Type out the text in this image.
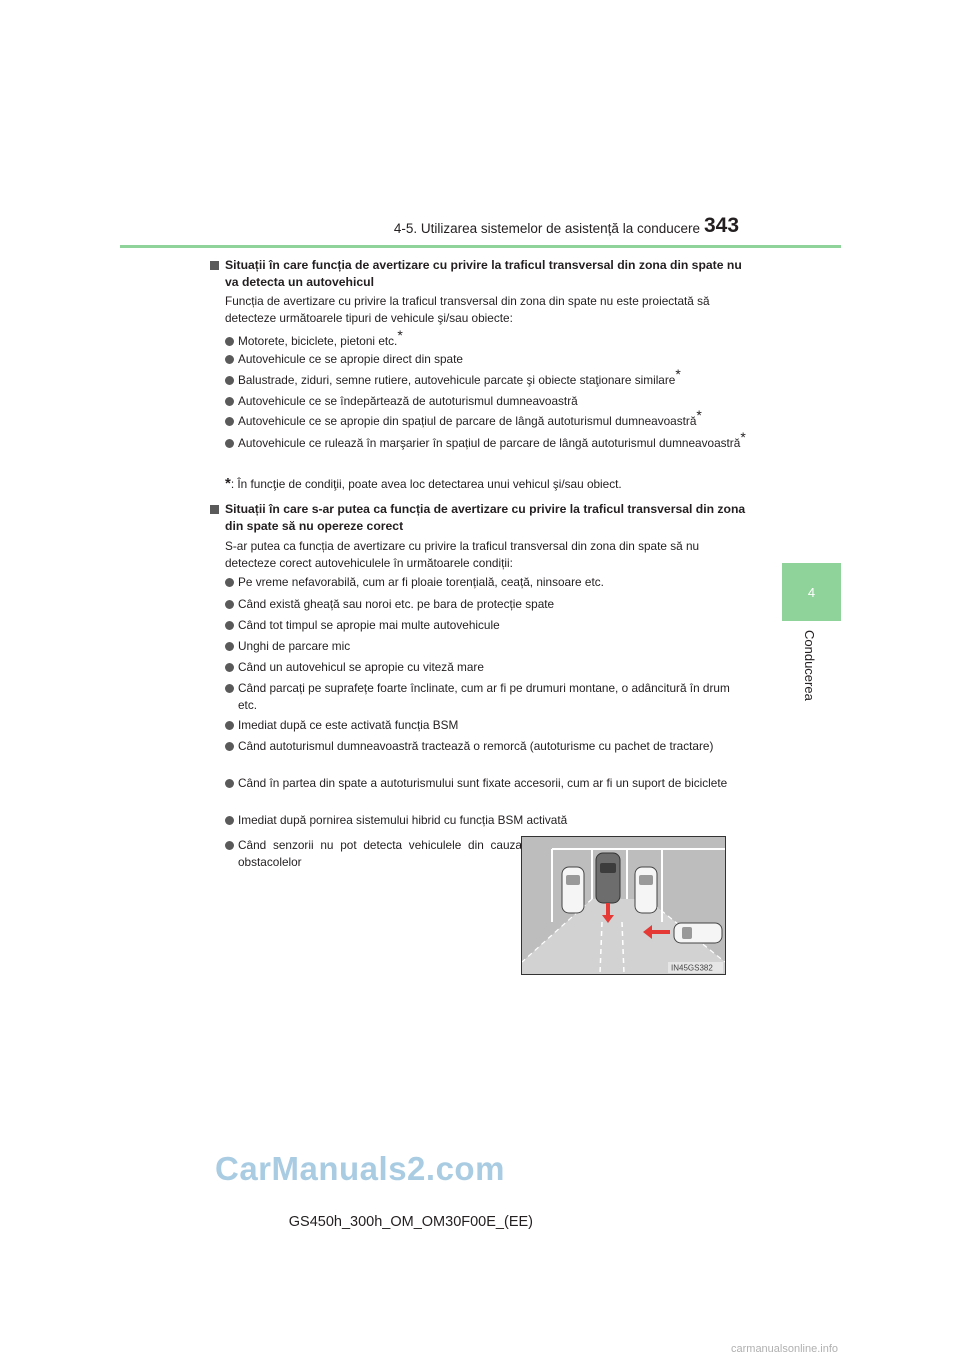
4-5. Utilizarea sistemelor de asistență la conducere 343
4
Conducerea
Situații în care funcția de avertizare cu privire la traficul transversal din zona din spate nu va detecta un autovehicul
Funcția de avertizare cu privire la traficul transversal din zona din spate nu este proiectată să detecteze următoarele tipuri de vehicule şi/sau obiecte:
Motorete, biciclete, pietoni etc.*
Autovehicule ce se apropie direct din spate
Balustrade, ziduri, semne rutiere, autovehicule parcate şi obiecte staţionare similare*
Autovehicule ce se îndepărtează de autoturismul dumneavoastră
Autovehicule ce se apropie din spațiul de parcare de lângă autoturismul dumneavoastră*
Autovehicule ce rulează în marşarier în spațiul de parcare de lângă autoturismul dumneavoastră*
*: În funcţie de condiţii, poate avea loc detectarea unui vehicul şi/sau obiect.
Situații în care s-ar putea ca funcția de avertizare cu privire la traficul transversal din zona din spate să nu opereze corect
S-ar putea ca funcția de avertizare cu privire la traficul transversal din zona din spate să nu detecteze corect autovehiculele în următoarele condiții:
Pe vreme nefavorabilă, cum ar fi ploaie torențială, ceață, ninsoare etc.
Când există gheață sau noroi etc. pe bara de protecție spate
Când tot timpul se apropie mai multe autovehicule
Unghi de parcare mic
Când un autovehicul se apropie cu viteză mare
Când parcați pe suprafețe foarte înclinate, cum ar fi pe drumuri montane, o adâncitură în drum etc.
Imediat după ce este activată funcția BSM
Când autoturismul dumneavoastră tractează o remorcă (autoturisme cu pachet de tractare)
Când în partea din spate a autoturismului sunt fixate accesorii, cum ar fi un suport de biciclete
Imediat după pornirea sistemului hibrid cu funcția BSM activată
Când senzorii nu pot detecta vehiculele din cauza obstacolelor
IN45GS382
GS450h_300h_OM_OM30F00E_(EE)
CarManuals2.com
carmanualsonline.info
